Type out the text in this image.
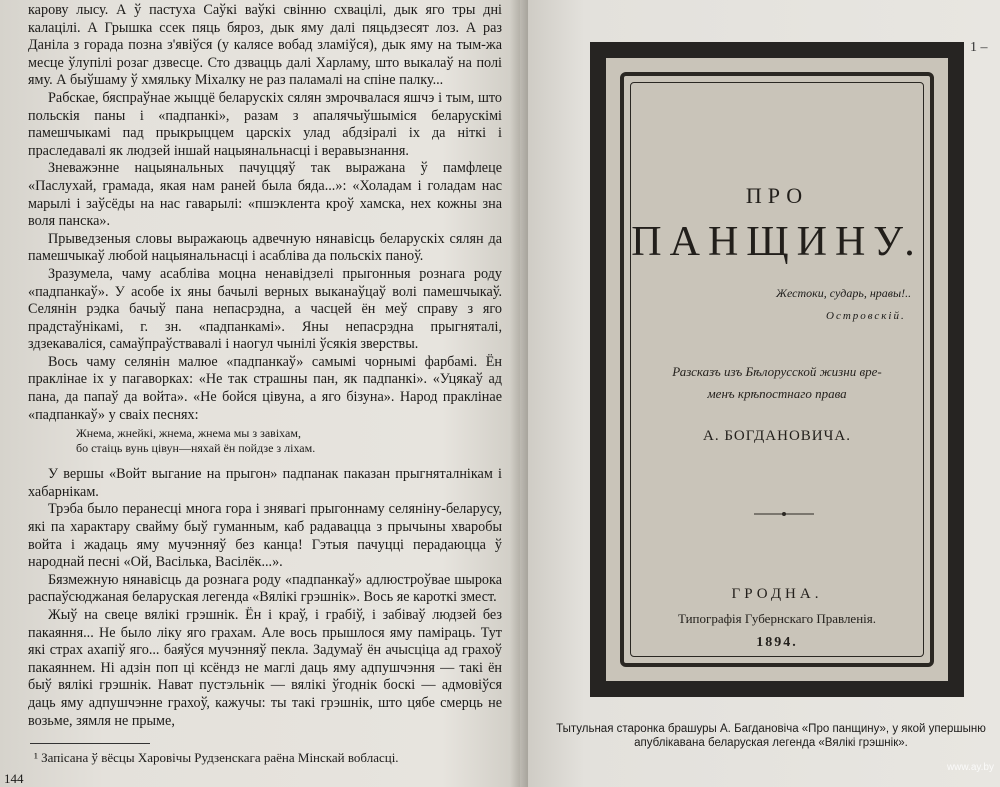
карову лысу. А ў пастуха Саўкі ваўкі свінню схвацілі, дык яго тры дні калацілі. А Грышка ссек пяць бяроз, дык яму далі пяцьдзесят лоз. А раз Даніла з горада позна з'явіўся (у калясе вобад зламіўся), дык яму на тым-жа месце ўлупілі розаг дзвесце. Сто дзвацць далі Харламу, што выкалаў на полі яму. А быўшаму ў хмяльку Міхалку не раз паламалі на спіне палку...

Рабскае, бяспраўнае жыццё беларускіх сялян змрочвалася яшчэ і тым, што польскія паны і «падпанкі», разам з апалячыўшыміся беларускімі памешчыкамі пад прыкрыццем царскіх улад абдзіралі іх да ніткі і праследавалі як людзей іншай нацыянальнасці і веравызнання.

Зневажэнне нацыянальных пачуццяў так выражана ў памфлеце «Паслухай, грамада, якая нам раней была бяда...»: «Холадам і голадам нас марылі і заўсёды на нас гаварылі: «пшэклента кроў хамска, нех кожны зна воля панска».

Прыведзеныя словы выражаюць адвечную нянавісць беларускіх сялян да памешчыкаў любой нацыянальнасці і асабліва да польскіх паноў.

Зразумела, чаму асабліва моцна ненавідзелі прыгонныя рознага роду «падпанкаў». У асобе іх яны бачылі верных выканаўцаў волі памешчыкаў. Селянін рэдка бачыў пана непасрэдна, а часцей ён меў справу з яго прадстаўнікамі, г. зн. «падпанкамі». Яны непасрэдна прыгняталі, здзекаваліся, самаўпраўствавалі і наогул чынілі ўсякія зверствы.

Вось чаму селянін малюе «падпанкаў» самымі чорнымі фарбамі. Ён праклінае іх у пагаворках: «Не так страшны пан, як падпанкі». «Уцякаў ад пана, да папаў да войта». «Не бойся цівуна, а яго бізуна». Народ праклінае «падпанкаў» у сваіх песнях:

Жнема, жнейкі, жнема, жнема мы з завіхам,
бо стаіць вунь цівун—няхай ён пойдзе з ліхам.

У вершы «Войт выгание на прыгон» падпанак паказан прыгняталнікам і хабарнікам.

Трэба было перанесці многа гора і знявагі прыгоннаму селяніну-беларусу, які па характару свайму быў гуманным, каб радавацца з прычыны хваробы войта і жадаць яму мучэнняў без канца! Гэтыя пачуцці перадаюцца ў народнай песні «Ой, Васілька, Васілёк...».

Бязмежную нянавісць да рознага роду «падпанкаў» адлюстроўвае шырока распаўсюджаная беларуская легенда «Вялікі грэшнік». Вось яе кароткі змест.

Жыў на свеце вялікі грэшнік. Ён і краў, і грабіў, і забіваў людзей без пакаяння... Не было ліку яго грахам. Але вось прышлося яму паміраць. Тут які страх ахапіў яго... баяўся мучэнняў пекла. Задумаў ён ачысціца ад грахоў пакаяннем. Ні адзін поп ці ксёндз не маглі даць яму адпушчэння — такі ён быў вялікі грэшнік. Нават пустэльнік — вялікі ўгоднік боскі — адмовіўся даць яму адпушчэнне грахоў, кажучы: ты такі грэшнік, што цябе смерць не возьме, зямля не прыме,

¹ Запісана ў вёсцы Харовічы Рудзенскага раёна Мінскай вобласці.
144
1 –
ПРО
ПАНЩИНУ.
Жестоки, сударь, нравы!..
Островскiй.
Разсказъ изъ Бѣлорусской жизни вре-
менъ крѣпостнаго права
А. БОГДАНОВИЧА.
ГРОДНА.
Типографiя Губернскаго Правленiя.
1894.
Тытульная старонка брашуры А. Багдановіча «Про панщину», у якой упершыню апублікавана беларуская легенда «Вялікі грэшнік».
www.ay.by
